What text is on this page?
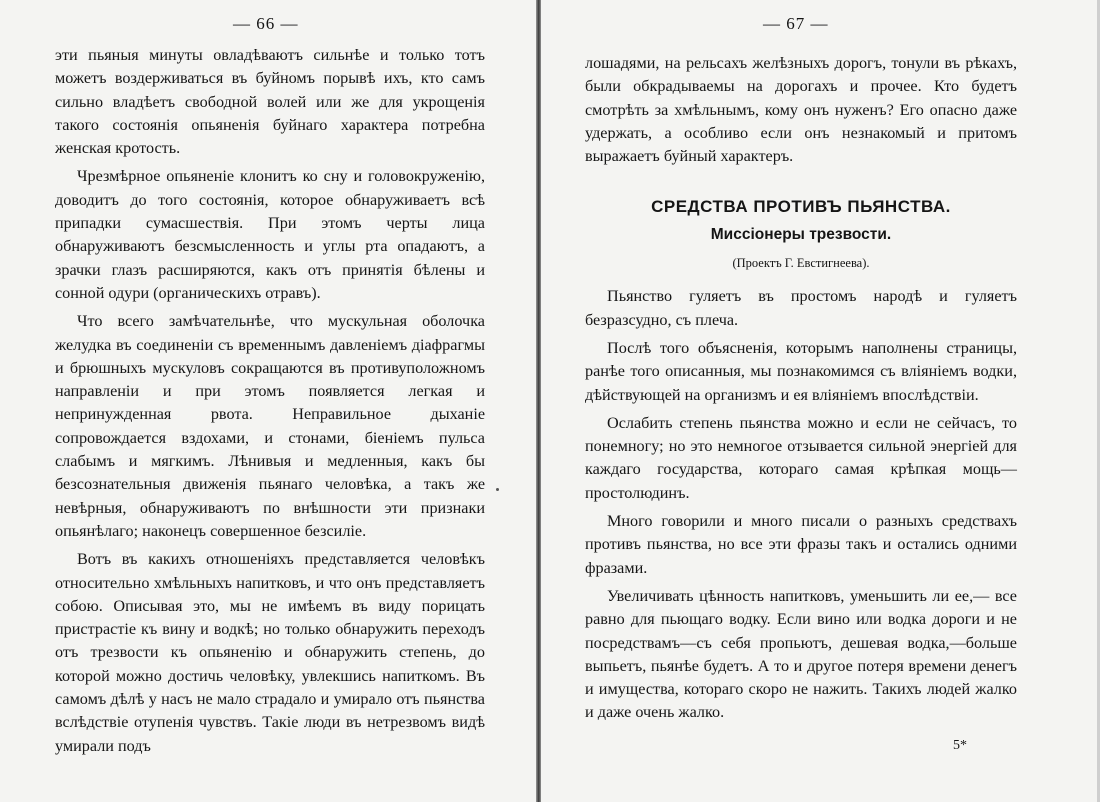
— 66 —

эти пьяныя минуты овладѣваютъ сильнѣе и только тотъ можетъ воздерживаться въ буйномъ порывѣ ихъ, кто самъ сильно владѣетъ свободной волей или же для укрощенія такого состоянія опьяненія буйнаго характера потребна женская кротость.

Чрезмѣрное опьяненіе клонитъ ко сну и головокруженію, доводитъ до того состоянія, которое обнаруживаетъ всѣ припадки сумасшествія. При этомъ черты лица обнаруживаютъ безсмысленность и углы рта опадаютъ, а зрачки глазъ расширяются, какъ отъ принятія бѣлены и сонной одури (органическихъ отравъ).

Что всего замѣчательнѣе, что мускульная оболочка желудка въ соединеніи съ временнымъ давленіемъ діафрагмы и брюшныхъ мускуловъ сокращаются въ противуположномъ направленіи и при этомъ появляется легкая и непринужденная рвота. Неправильное дыханіе сопровождается вздохами, и стонами, біеніемъ пульса слабымъ и мягкимъ. Лѣнивыя и медленныя, какъ бы безсознательныя движенія пьянаго человѣка, а такъ же невѣрныя, обнаруживаютъ по внѣшности эти признаки опьянѣлаго; наконецъ совершенное безсиліе.

Вотъ въ какихъ отношеніяхъ представляется человѣкъ относительно хмѣльныхъ напитковъ, и что онъ представляетъ собою. Описывая это, мы не имѣемъ въ виду порицать пристрастіе къ вину и водкѣ; но только обнаружить переходъ отъ трезвости къ опьяненію и обнаружить степень, до которой можно достичь человѣку, увлекшись напиткомъ. Въ самомъ дѣлѣ у насъ не мало страдало и умирало отъ пьянства вслѣдствіе отупенія чувствъ. Такіе люди въ нетрезвомъ видѣ умирали подъ

— 67 —

лошадями, на рельсахъ желѣзныхъ дорогъ, тонули въ рѣкахъ, были обкрадываемы на дорогахъ и прочее. Кто будетъ смотрѣть за хмѣльнымъ, кому онъ нуженъ? Его опасно даже удержать, а особливо если онъ незнакомый и притомъ выражаетъ буйный характеръ.

СРЕДСТВА ПРОТИВЪ ПЬЯНСТВА.
Миссіонеры трезвости.
(Проектъ Г. Евстигнеева).

Пьянство гуляетъ въ простомъ народѣ и гуляетъ безразсудно, съ плеча.

Послѣ того объясненія, которымъ наполнены страницы, ранѣе того описанныя, мы познакомимся съ вліяніемъ водки, дѣйствующей на организмъ и ея вліяніемъ впослѣдствіи.

Ослабить степень пьянства можно и если не сейчасъ, то понемногу; но это немногое отзывается сильной энергіей для каждаго государства, котораго самая крѣпкая мощь—простолюдинъ.

Много говорили и много писали о разныхъ средствахъ противъ пьянства, но все эти фразы такъ и остались одними фразами.

Увеличивать цѣнность напитковъ, уменьшить ли ее,— все равно для пьющаго водку. Если вино или водка дороги и не посредствамъ—съ себя пропьютъ, дешевая водка,—больше выпьетъ, пьянѣе будетъ. А то и другое потеря времени денегъ и имущества, котораго скоро не нажить. Такихъ людей жалко и даже очень жалко.

5*
